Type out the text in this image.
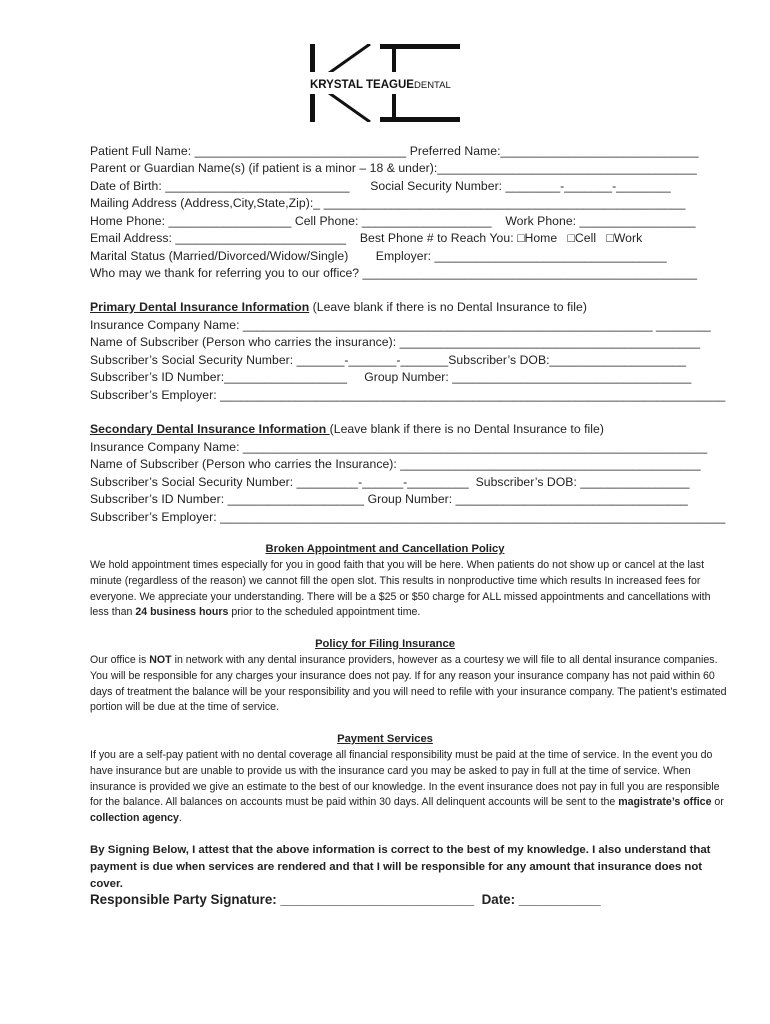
KRYSTAL TEAGUE DENTAL
Patient Full Name: _______________________________ Preferred Name:_____________________________
Parent or Guardian Name(s) (if patient is a minor – 18 & under):______________________________________
Date of Birth: ___________________________      Social Security Number: ________-_______-________
Mailing Address (Address,City,State,Zip):_ _____________________________________________________
Home Phone: __________________ Cell Phone: ___________________    Work Phone: _________________
Email Address: _________________________    Best Phone # to Reach You: □Home   □Cell   □Work
Marital Status (Married/Divorced/Widow/Single)        Employer: __________________________________
Who may we thank for referring you to our office? _________________________________________________
Primary Dental Insurance Information (Leave blank if there is no Dental Insurance to file)
Insurance Company Name: ____________________________________________________________ ________
Name of Subscriber (Person who carries the insurance): ____________________________________________
Subscriber’s Social Security Number: _______-_______-_______Subscriber’s DOB:____________________
Subscriber’s ID Number:__________________     Group Number: ___________________________________
Subscriber’s Employer: __________________________________________________________________________
Secondary Dental Insurance Information (Leave blank if there is no Dental Insurance to file)
Insurance Company Name: ____________________________________________________________________
Name of Subscriber (Person who carries the Insurance): ____________________________________________
Subscriber’s Social Security Number: _________-______-_________  Subscriber’s DOB: ________________
Subscriber’s ID Number: ____________________ Group Number: __________________________________
Subscriber’s Employer: __________________________________________________________________________
Broken Appointment and Cancellation Policy
We hold appointment times especially for you in good faith that you will be here. When patients do not show up or cancel at the last minute (regardless of the reason) we cannot fill the open slot. This results in nonproductive time which results In increased fees for everyone. We appreciate your understanding. There will be a $25 or $50 charge for ALL missed appointments and cancellations with less than 24 business hours prior to the scheduled appointment time.
Policy for Filing Insurance
Our office is NOT in network with any dental insurance providers, however as a courtesy we will file to all dental insurance companies. You will be responsible for any charges your insurance does not pay. If for any reason your insurance company has not paid within 60 days of treatment the balance will be your responsibility and you will need to refile with your insurance company. The patient’s estimated portion will be due at the time of service.
Payment Services
If you are a self-pay patient with no dental coverage all financial responsibility must be paid at the time of service. In the event you do have insurance but are unable to provide us with the insurance card you may be asked to pay in full at the time of service. When insurance is provided we give an estimate to the best of our knowledge. In the event insurance does not pay in full you are responsible for the balance. All balances on accounts must be paid within 30 days. All delinquent accounts will be sent to the magistrate’s office or collection agency.
By Signing Below, I attest that the above information is correct to the best of my knowledge. I also understand that payment is due when services are rendered and that I will be responsible for any amount that insurance does not cover.
Responsible Party Signature: __________________________  Date: ___________
